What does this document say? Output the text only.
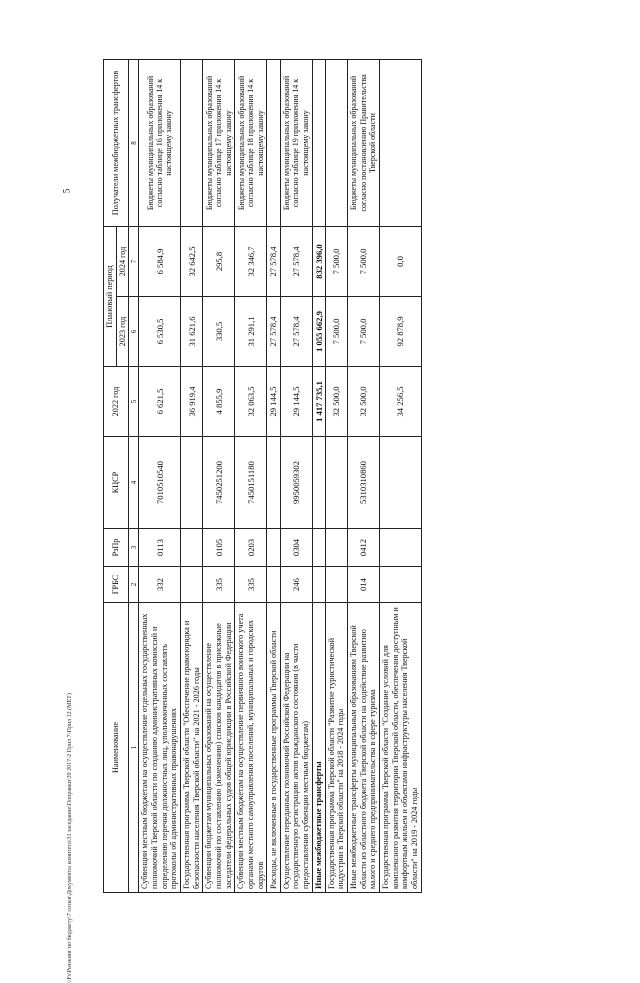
5
Наименование	ГРБС	РзПр	КЦСР	2022 год	Плановый период		Получатели межбюджетных трансфертов
					2023 год	2024 год	
1	2	3	4	5	6	7	8
Субвенции местным бюджетам на осуществление отдельных государственных полномочий Тверской области по созданию административных комиссий и определению перечня должностных лиц, уполномоченных составлять протоколы об административных правонарушениях	332	0113	7010510540	6 621,5	6 530,5	6 584,9	Бюджеты муниципальных образований согласно таблице 16 приложения 14 к настоящему закону
Государственная программа Тверской области "Обеспечение правопорядка и безопасности населения Тверской области" на 2021 - 2026 годы				36 919,4	31 621,6	32 642,5	
Субвенции бюджетам муниципальных образований на осуществление полномочий по составлению (изменению) списков кандидатов в присяжные заседатели федеральных судов общей юрисдикции в Российской Федерации	335	0105	7450251200	4 855,9	330,5	295,8	Бюджеты муниципальных образований согласно таблице 17 приложения 14 к настоящему закону
Субвенции местным бюджетам на осуществление первичного воинского учета органами местного самоуправления поселений, муниципальных и городских округов	335	0203	7450151180	32 063,5	31 291,1	32 346,7	Бюджеты муниципальных образований согласно таблице 18 приложения 14 к настоящему закону
Расходы, не включенные в государственные программы Тверской области				29 144,5	27 578,4	27 578,4	
Осуществление переданных полномочий Российской Федерации на государственную регистрацию актов гражданского состояния (в части предоставления субвенции местным бюджетам)	246	0304	9950059302	29 144,5	27 578,4	27 578,4	Бюджеты муниципальных образований согласно таблице 19 приложения 14 к настоящему закону
Иные межбюджетные трансферты				1 417 735,1	1 055 662,9	832 396,0	
Государственная программа Тверской области "Развитие туристической индустрии в Тверской области" на 2018 - 2024 годы				32 500,0	7 500,0	7 500,0	
Иные межбюджетные трансферты муниципальным образованиям Тверской области из областного бюджета Тверской области на содействие развитию малого и среднего предпринимательства в сфере туризма	014	0412	5310310860	32 500,0	7 500,0	7 500,0	Бюджеты муниципальных образований согласно постановлению Правительства Тверской области
Государственная программа Тверской области "Создание условий для комплексного развития территории Тверской области, обеспечения доступным и комфортным жильем и объектами инфраструктуры населения Тверской области" на 2019 - 2024 годы				34 256,5	92 878,9	0,0	
\\Fs\Рьчзкинг по бюджету\7 созыв\Документы комитета\31 заседание\Поправки\39 2017-2 Прил 7-Прил 12 (MET)
